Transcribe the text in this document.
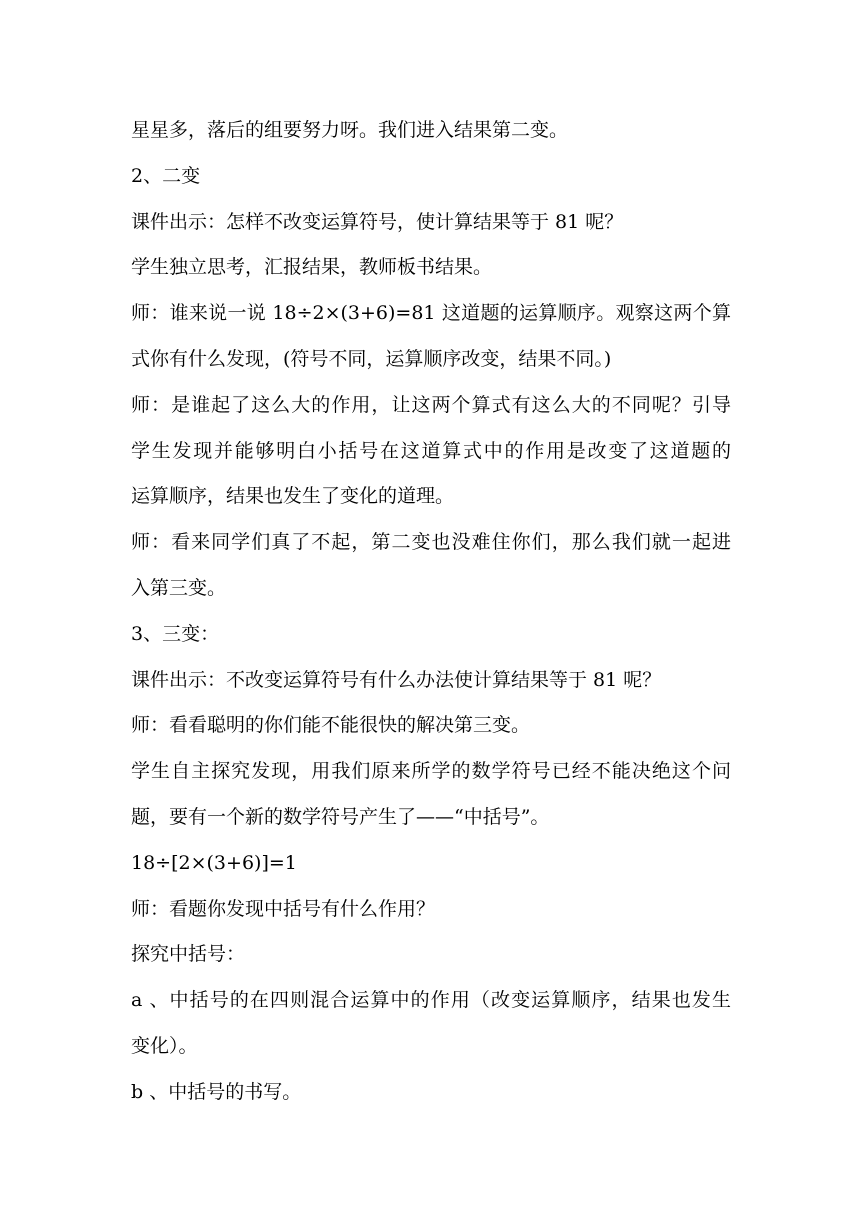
星星多，落后的组要努力呀。我们进入结果第二变。
2、二变
课件出示：怎样不改变运算符号，使计算结果等于 81 呢？
学生独立思考，汇报结果，教师板书结果。
师：谁来说一说 18÷2×(3+6)=81 这道题的运算顺序。观察这两个算
式你有什么发现，(符号不同，运算顺序改变，结果不同。)
师：是谁起了这么大的作用，让这两个算式有这么大的不同呢？引导
学生发现并能够明白小括号在这道算式中的作用是改变了这道题的
运算顺序，结果也发生了变化的道理。
师：看来同学们真了不起，第二变也没难住你们，那么我们就一起进
入第三变。
3、三变：
课件出示：不改变运算符号有什么办法使计算结果等于 81 呢？
师：看看聪明的你们能不能很快的解决第三变。
学生自主探究发现，用我们原来所学的数学符号已经不能决绝这个问
题，要有一个新的数学符号产生了——“中括号”。
18÷[2×(3+6)]=1
师：看题你发现中括号有什么作用？
探究中括号：
a 、中括号的在四则混合运算中的作用（改变运算顺序，结果也发生
变化）。
b 、中括号的书写。
